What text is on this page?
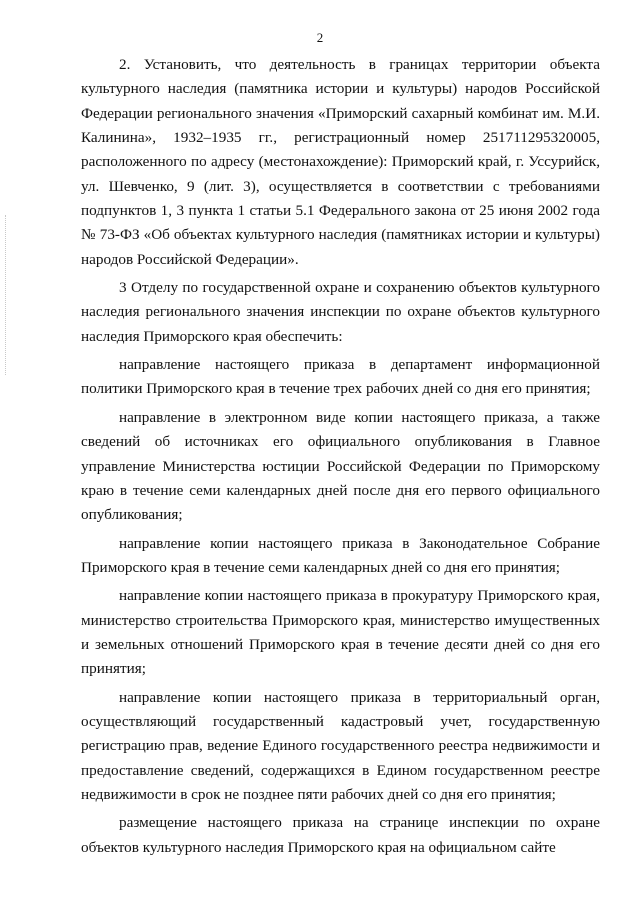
2

2. Установить, что деятельность в границах территории объекта культурного наследия (памятника истории и культуры) народов Российской Федерации регионального значения «Приморский сахарный комбинат им. М.И. Калинина», 1932–1935 гг., регистрационный номер 251711295320005, расположенного по адресу (местонахождение): Приморский край, г. Уссурийск, ул. Шевченко, 9 (лит. 3), осуществляется в соответствии с требованиями подпунктов 1, 3 пункта 1 статьи 5.1 Федерального закона от 25 июня 2002 года № 73-ФЗ «Об объектах культурного наследия (памятниках истории и культуры) народов Российской Федерации».

3 Отделу по государственной охране и сохранению объектов культурного наследия регионального значения инспекции по охране объектов культурного наследия Приморского края обеспечить:

направление настоящего приказа в департамент информационной политики Приморского края в течение трех рабочих дней со дня его принятия;

направление в электронном виде копии настоящего приказа, а также сведений об источниках его официального опубликования в Главное управление Министерства юстиции Российской Федерации по Приморскому краю в течение семи календарных дней после дня его первого официального опубликования;

направление копии настоящего приказа в Законодательное Собрание Приморского края в течение семи календарных дней со дня его принятия;

направление копии настоящего приказа в прокуратуру Приморского края, министерство строительства Приморского края, министерство имущественных и земельных отношений Приморского края в течение десяти дней со дня его принятия;

направление копии настоящего приказа в территориальный орган, осуществляющий государственный кадастровый учет, государственную регистрацию прав, ведение Единого государственного реестра недвижимости и предоставление сведений, содержащихся в Едином государственном реестре недвижимости в срок не позднее пяти рабочих дней со дня его принятия;

размещение настоящего приказа на странице инспекции по охране объектов культурного наследия Приморского края на официальном сайте
